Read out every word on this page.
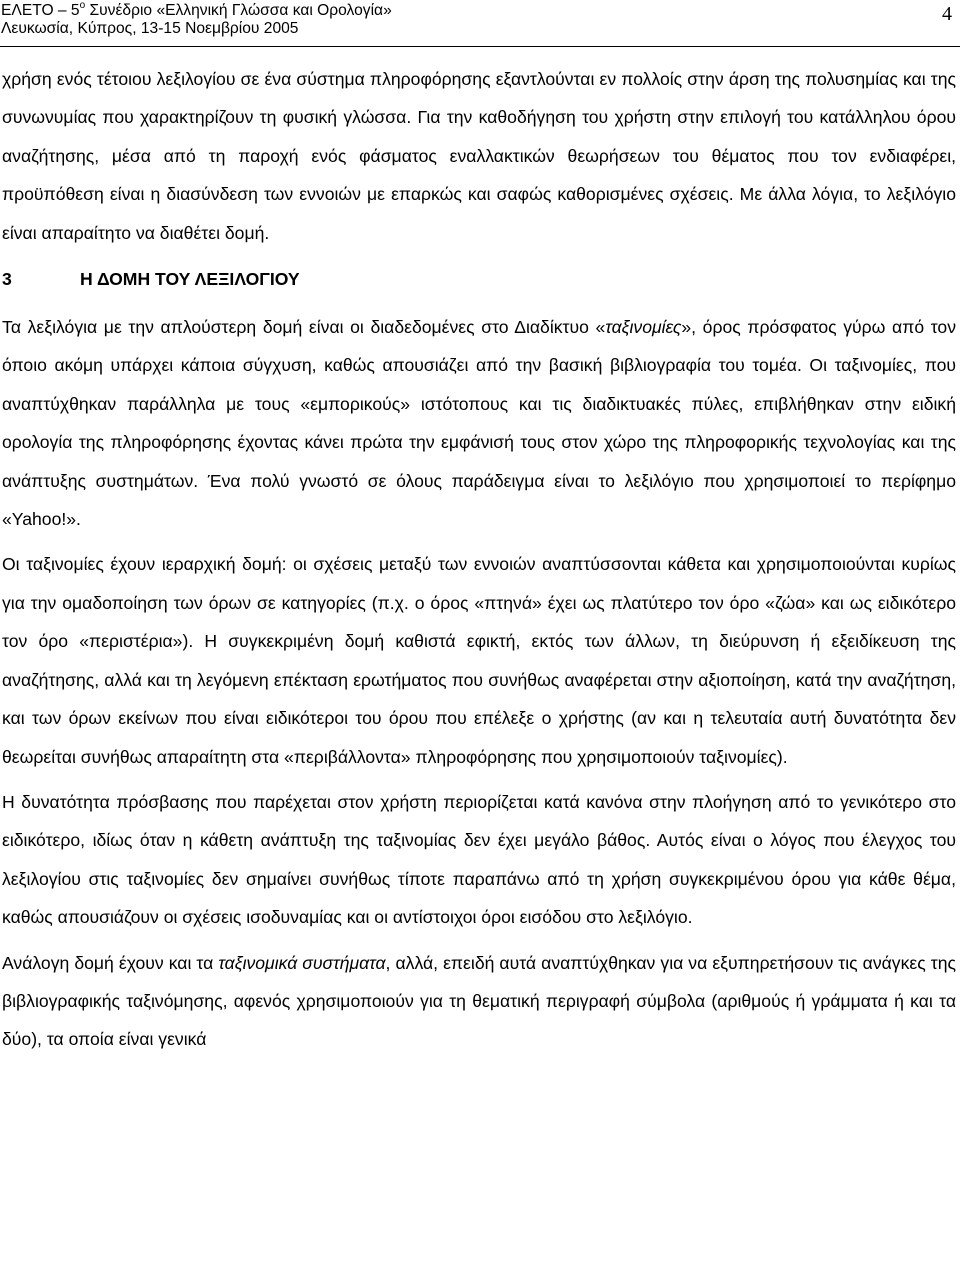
ΕΛΕΤΟ – $5^o$ Συνέδριο «Ελληνική Γλώσσα και Ορολογία»
Λευκωσία, Κύπρος, 13-15 Νοεμβρίου 2005
4

χρήση ενός τέτοιου λεξιλογίου σε ένα σύστημα πληροφόρησης εξαντλούνται εν πολλοίς στην άρση της πολυσημίας και της συνωνυμίας που χαρακτηρίζουν τη φυσική γλώσσα. Για την καθοδήγηση του χρήστη στην επιλογή του κατάλληλου όρου αναζήτησης, μέσα από τη παροχή ενός φάσματος εναλλακτικών θεωρήσεων του θέματος που τον ενδιαφέρει, προϋπόθεση είναι η διασύνδεση των εννοιών με επαρκώς και σαφώς καθορισμένες σχέσεις. Με άλλα λόγια, το λεξιλόγιο είναι απαραίτητο να διαθέτει δομή.

3	Η ΔΟΜΗ ΤΟΥ ΛΕΞΙΛΟΓΙΟΥ

Τα λεξιλόγια με την απλούστερη δομή είναι οι διαδεδομένες στο Διαδίκτυο «ταξινομίες», όρος πρόσφατος γύρω από τον όποιο ακόμη υπάρχει κάποια σύγχυση, καθώς απουσιάζει από την βασική βιβλιογραφία του τομέα. Οι ταξινομίες, που αναπτύχθηκαν παράλληλα με τους «εμπορικούς» ιστότοπους και τις διαδικτυακές πύλες, επιβλήθηκαν στην ειδική ορολογία της πληροφόρησης έχοντας κάνει πρώτα την εμφάνισή τους στον χώρο της πληροφορικής τεχνολογίας και της ανάπτυξης συστημάτων. Ένα πολύ γνωστό σε όλους παράδειγμα είναι το λεξιλόγιο που χρησιμοποιεί το περίφημο «Yahoo!».

Οι ταξινομίες έχουν ιεραρχική δομή: οι σχέσεις μεταξύ των εννοιών αναπτύσσονται κάθετα και χρησιμοποιούνται κυρίως για την ομαδοποίηση των όρων σε κατηγορίες (π.χ. ο όρος «πτηνά» έχει ως πλατύτερο τον όρο «ζώα» και ως ειδικότερο τον όρο «περιστέρια»). Η συγκεκριμένη δομή καθιστά εφικτή, εκτός των άλλων, τη διεύρυνση ή εξειδίκευση της αναζήτησης, αλλά και τη λεγόμενη επέκταση ερωτήματος που συνήθως αναφέρεται στην αξιοποίηση, κατά την αναζήτηση, και των όρων εκείνων που είναι ειδικότεροι του όρου που επέλεξε ο χρήστης (αν και η τελευταία αυτή δυνατότητα δεν θεωρείται συνήθως απαραίτητη στα «περιβάλλοντα» πληροφόρησης που χρησιμοποιούν ταξινομίες).

Η δυνατότητα πρόσβασης που παρέχεται στον χρήστη περιορίζεται κατά κανόνα στην πλοήγηση από το γενικότερο στο ειδικότερο, ιδίως όταν η κάθετη ανάπτυξη της ταξινομίας δεν έχει μεγάλο βάθος. Αυτός είναι ο λόγος που έλεγχος του λεξιλογίου στις ταξινομίες δεν σημαίνει συνήθως τίποτε παραπάνω από τη χρήση συγκεκριμένου όρου για κάθε θέμα, καθώς απουσιάζουν οι σχέσεις ισοδυναμίας και οι αντίστοιχοι όροι εισόδου στο λεξιλόγιο.

Ανάλογη δομή έχουν και τα ταξινομικά συστήματα, αλλά, επειδή αυτά αναπτύχθηκαν για να εξυπηρετήσουν τις ανάγκες της βιβλιογραφικής ταξινόμησης, αφενός χρησιμοποιούν για τη θεματική περιγραφή σύμβολα (αριθμούς ή γράμματα ή και τα δύο), τα οποία είναι γενικά
